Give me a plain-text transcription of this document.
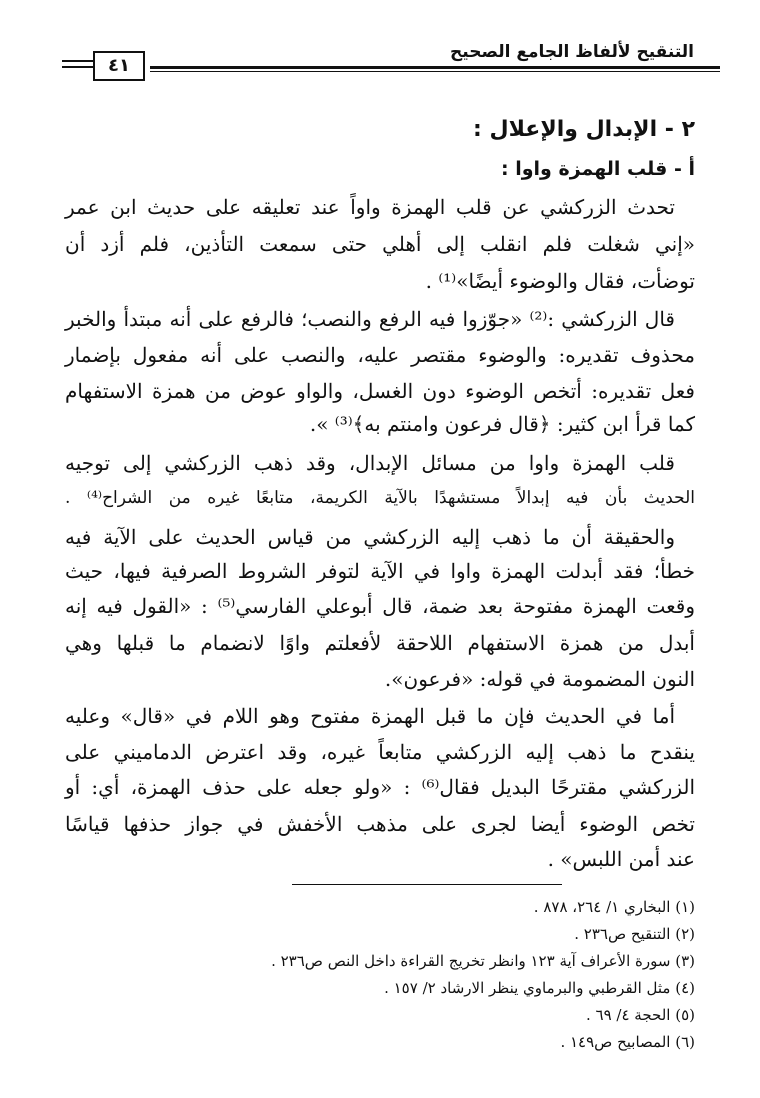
التنقيح لألفاظ الجامع الصحيح
٤١
٢ - الإبدال والإعلال :
أ - قلب الهمزة واوا :
تحدث الزركشي عن قلب الهمزة واواً عند تعليقه على حديث ابن عمر
«إني شغلت فلم انقلب إلى أهلي حتى سمعت التأذين، فلم أزد أن
توضأت، فقال والوضوء أيضًا»⁽¹⁾ .
قال الزركشي :⁽²⁾ «جوّزوا فيه الرفع والنصب؛ فالرفع على أنه مبتدأ والخبر
محذوف تقديره: والوضوء مقتصر عليه، والنصب على أنه مفعول بإضمار
فعل تقديره: أتخص الوضوء دون الغسل، والواو عوض من همزة الاستفهام
كما قرأ ابن كثير: ﴿قال فرعون وامنتم به﴾⁽³⁾ ».
قلب الهمزة واوا من مسائل الإبدال، وقد ذهب الزركشي إلى توجيه
الحديث بأن فيه إبدالاً مستشهدًا بالآية الكريمة، متابعًا غيره من الشراح⁽⁴⁾ .
والحقيقة أن ما ذهب إليه الزركشي من قياس الحديث على الآية فيه
خطأ؛ فقد أبدلت الهمزة واوا في الآية لتوفر الشروط الصرفية فيها، حيث
وقعت الهمزة مفتوحة بعد ضمة، قال أبوعلي الفارسي⁽⁵⁾ : «القول فيه إنه
أبدل من همزة الاستفهام اللاحقة لأفعلتم واوًا لانضمام ما قبلها وهي
النون المضمومة في قوله: «فرعون».
أما في الحديث فإن ما قبل الهمزة مفتوح وهو اللام في «قال» وعليه
ينقدح ما ذهب إليه الزركشي متابعاً غيره، وقد اعترض الدماميني على
الزركشي مقترحًا البديل فقال⁽⁶⁾ : «ولو جعله على حذف الهمزة، أي: أو
تخص الوضوء أيضا لجرى على مذهب الأخفش في جواز حذفها قياسًا
عند أمن اللبس» .
(١) البخاري ١/ ٢٦٤، ٨٧٨ .
(٢) التنقيح ص٢٣٦ .
(٣) سورة الأعراف آية ١٢٣ وانظر تخريج القراءة داخل النص ص٢٣٦ .
(٤) مثل القرطبي والبرماوي ينظر الارشاد ٢/ ١٥٧ .
(٥) الحجة ٤/ ٦٩ .
(٦) المصابيح ص١٤٩ .
